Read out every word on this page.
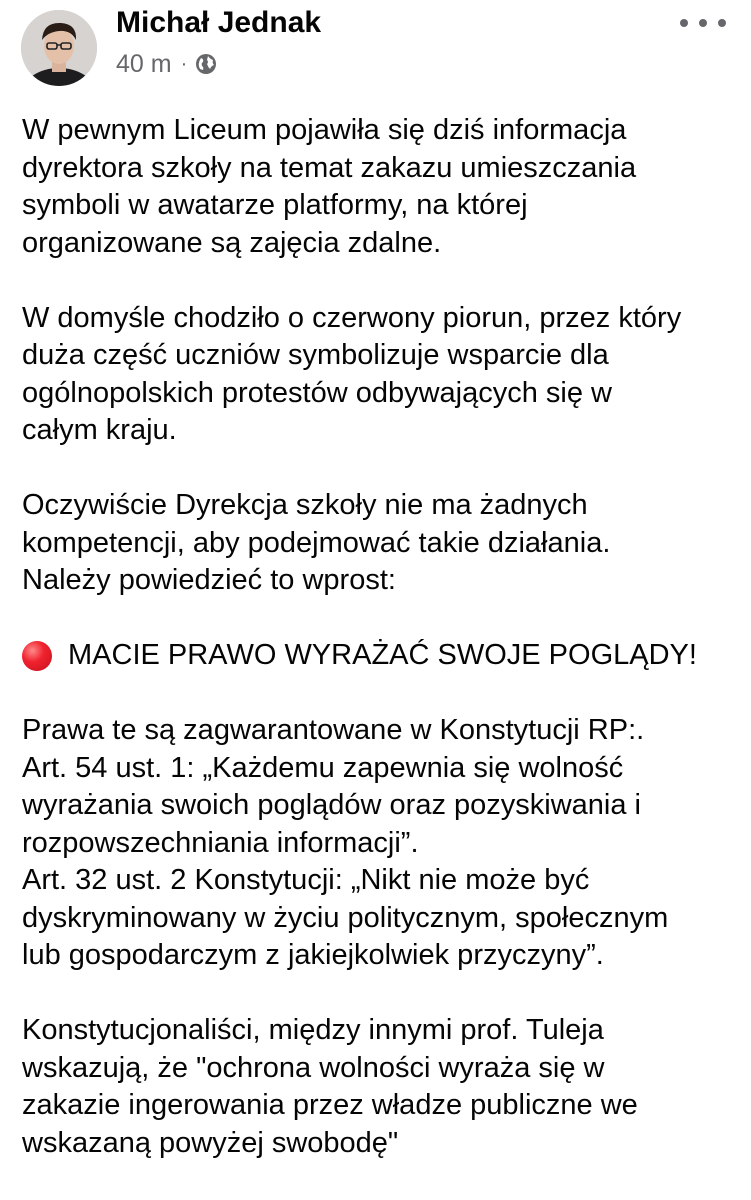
Michał Jednak
40 m ·

W pewnym Liceum pojawiła się dziś informacja
dyrektora szkoły na temat zakazu umieszczania
symboli w awatarze platformy, na której
organizowane są zajęcia zdalne.

W domyśle chodziło o czerwony piorun, przez który
duża część uczniów symbolizuje wsparcie dla
ogólnopolskich protestów odbywających się w
całym kraju.

Oczywiście Dyrekcja szkoły nie ma żadnych
kompetencji, aby podejmować takie działania.
Należy powiedzieć to wprost:

MACIE PRAWO WYRAŻAĆ SWOJE POGLĄDY!

Prawa te są zagwarantowane w Konstytucji RP:.

Art. 54 ust. 1: „Każdemu zapewnia się wolność
wyrażania swoich poglądów oraz pozyskiwania i
rozpowszechniania informacji”.

Art. 32 ust. 2 Konstytucji: „Nikt nie może być
dyskryminowany w życiu politycznym, społecznym
lub gospodarczym z jakiejkolwiek przyczyny”.

Konstytucjonaliści, między innymi prof. Tuleja
wskazują, że "ochrona wolności wyraża się w
zakazie ingerowania przez władze publiczne we
wskazaną powyżej swobodę"
